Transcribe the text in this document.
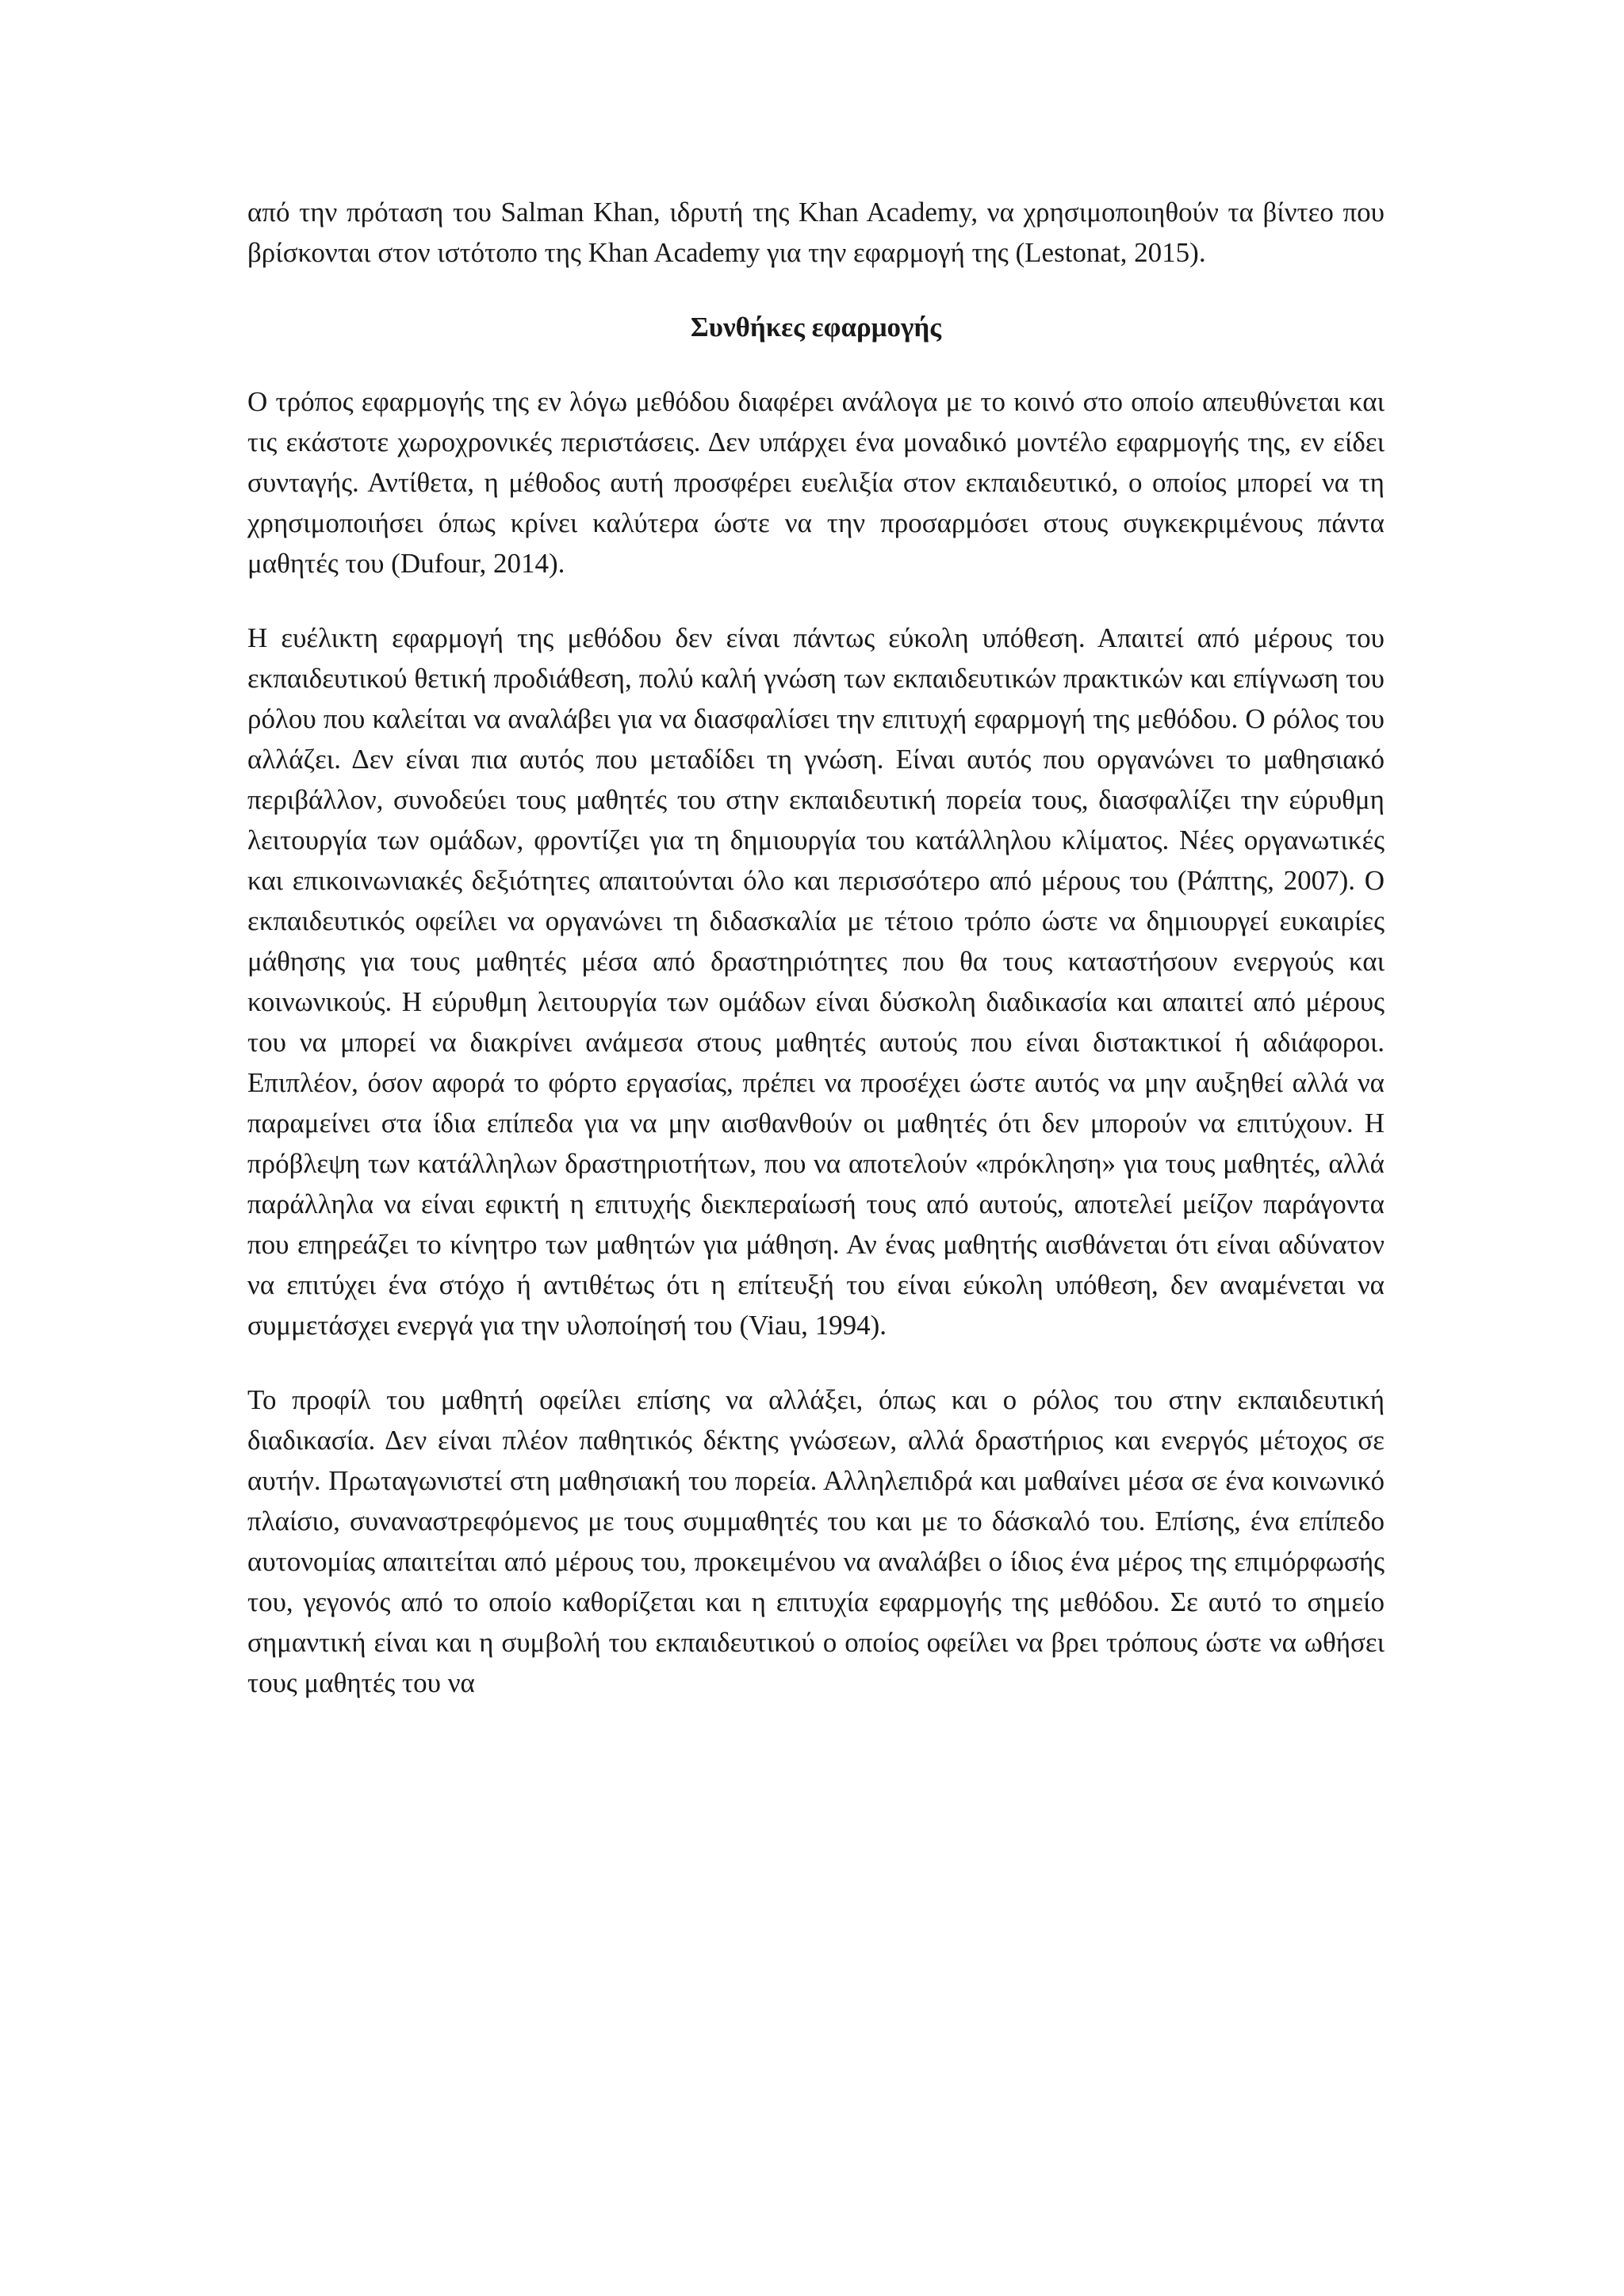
από την πρόταση του Salman Khan, ιδρυτή της Khan Academy, να χρησιμοποιηθούν τα βίντεο που βρίσκονται στον ιστότοπο της Khan Academy για την εφαρμογή της (Lestonat, 2015).

Συνθήκες εφαρμογής

Ο τρόπος εφαρμογής της εν λόγω μεθόδου διαφέρει ανάλογα με το κοινό στο οποίο απευθύνεται και τις εκάστοτε χωροχρονικές περιστάσεις. Δεν υπάρχει ένα μοναδικό μοντέλο εφαρμογής της, εν είδει συνταγής. Αντίθετα, η μέθοδος αυτή προσφέρει ευελιξία στον εκπαιδευτικό, ο οποίος μπορεί να τη χρησιμοποιήσει όπως κρίνει καλύτερα ώστε να την προσαρμόσει στους συγκεκριμένους πάντα μαθητές του (Dufour, 2014).

Η ευέλικτη εφαρμογή της μεθόδου δεν είναι πάντως εύκολη υπόθεση. Απαιτεί από μέρους του εκπαιδευτικού θετική προδιάθεση, πολύ καλή γνώση των εκπαιδευτικών πρακτικών και επίγνωση του ρόλου που καλείται να αναλάβει για να διασφαλίσει την επιτυχή εφαρμογή της μεθόδου. Ο ρόλος του αλλάζει. Δεν είναι πια αυτός που μεταδίδει τη γνώση. Είναι αυτός που οργανώνει το μαθησιακό περιβάλλον, συνοδεύει τους μαθητές του στην εκπαιδευτική πορεία τους, διασφαλίζει την εύρυθμη λειτουργία των ομάδων, φροντίζει για τη δημιουργία του κατάλληλου κλίματος. Νέες οργανωτικές και επικοινωνιακές δεξιότητες απαιτούνται όλο και περισσότερο από μέρους του (Ράπτης, 2007). Ο εκπαιδευτικός οφείλει να οργανώνει τη διδασκαλία με τέτοιο τρόπο ώστε να δημιουργεί ευκαιρίες μάθησης για τους μαθητές μέσα από δραστηριότητες που θα τους καταστήσουν ενεργούς και κοινωνικούς. Η εύρυθμη λειτουργία των ομάδων είναι δύσκολη διαδικασία και απαιτεί από μέρους του να μπορεί να διακρίνει ανάμεσα στους μαθητές αυτούς που είναι διστακτικοί ή αδιάφοροι. Επιπλέον, όσον αφορά το φόρτο εργασίας, πρέπει να προσέχει ώστε αυτός να μην αυξηθεί αλλά να παραμείνει στα ίδια επίπεδα για να μην αισθανθούν οι μαθητές ότι δεν μπορούν να επιτύχουν. Η πρόβλεψη των κατάλληλων δραστηριοτήτων, που να αποτελούν «πρόκληση» για τους μαθητές, αλλά παράλληλα να είναι εφικτή η επιτυχής διεκπεραίωσή τους από αυτούς, αποτελεί μείζον παράγοντα που επηρεάζει το κίνητρο των μαθητών για μάθηση. Αν ένας μαθητής αισθάνεται ότι είναι αδύνατον να επιτύχει ένα στόχο ή αντιθέτως ότι η επίτευξή του είναι εύκολη υπόθεση, δεν αναμένεται να συμμετάσχει ενεργά για την υλοποίησή του (Viau, 1994).

Το προφίλ του μαθητή οφείλει επίσης να αλλάξει, όπως και ο ρόλος του στην εκπαιδευτική διαδικασία. Δεν είναι πλέον παθητικός δέκτης γνώσεων, αλλά δραστήριος και ενεργός μέτοχος σε αυτήν. Πρωταγωνιστεί στη μαθησιακή του πορεία. Αλληλεπιδρά και μαθαίνει μέσα σε ένα κοινωνικό πλαίσιο, συναναστρεφόμενος με τους συμμαθητές του και με το δάσκαλό του. Επίσης, ένα επίπεδο αυτονομίας απαιτείται από μέρους του, προκειμένου να αναλάβει ο ίδιος ένα μέρος της επιμόρφωσής του, γεγονός από το οποίο καθορίζεται και η επιτυχία εφαρμογής της μεθόδου. Σε αυτό το σημείο σημαντική είναι και η συμβολή του εκπαιδευτικού ο οποίος οφείλει να βρει τρόπους ώστε να ωθήσει τους μαθητές του να
